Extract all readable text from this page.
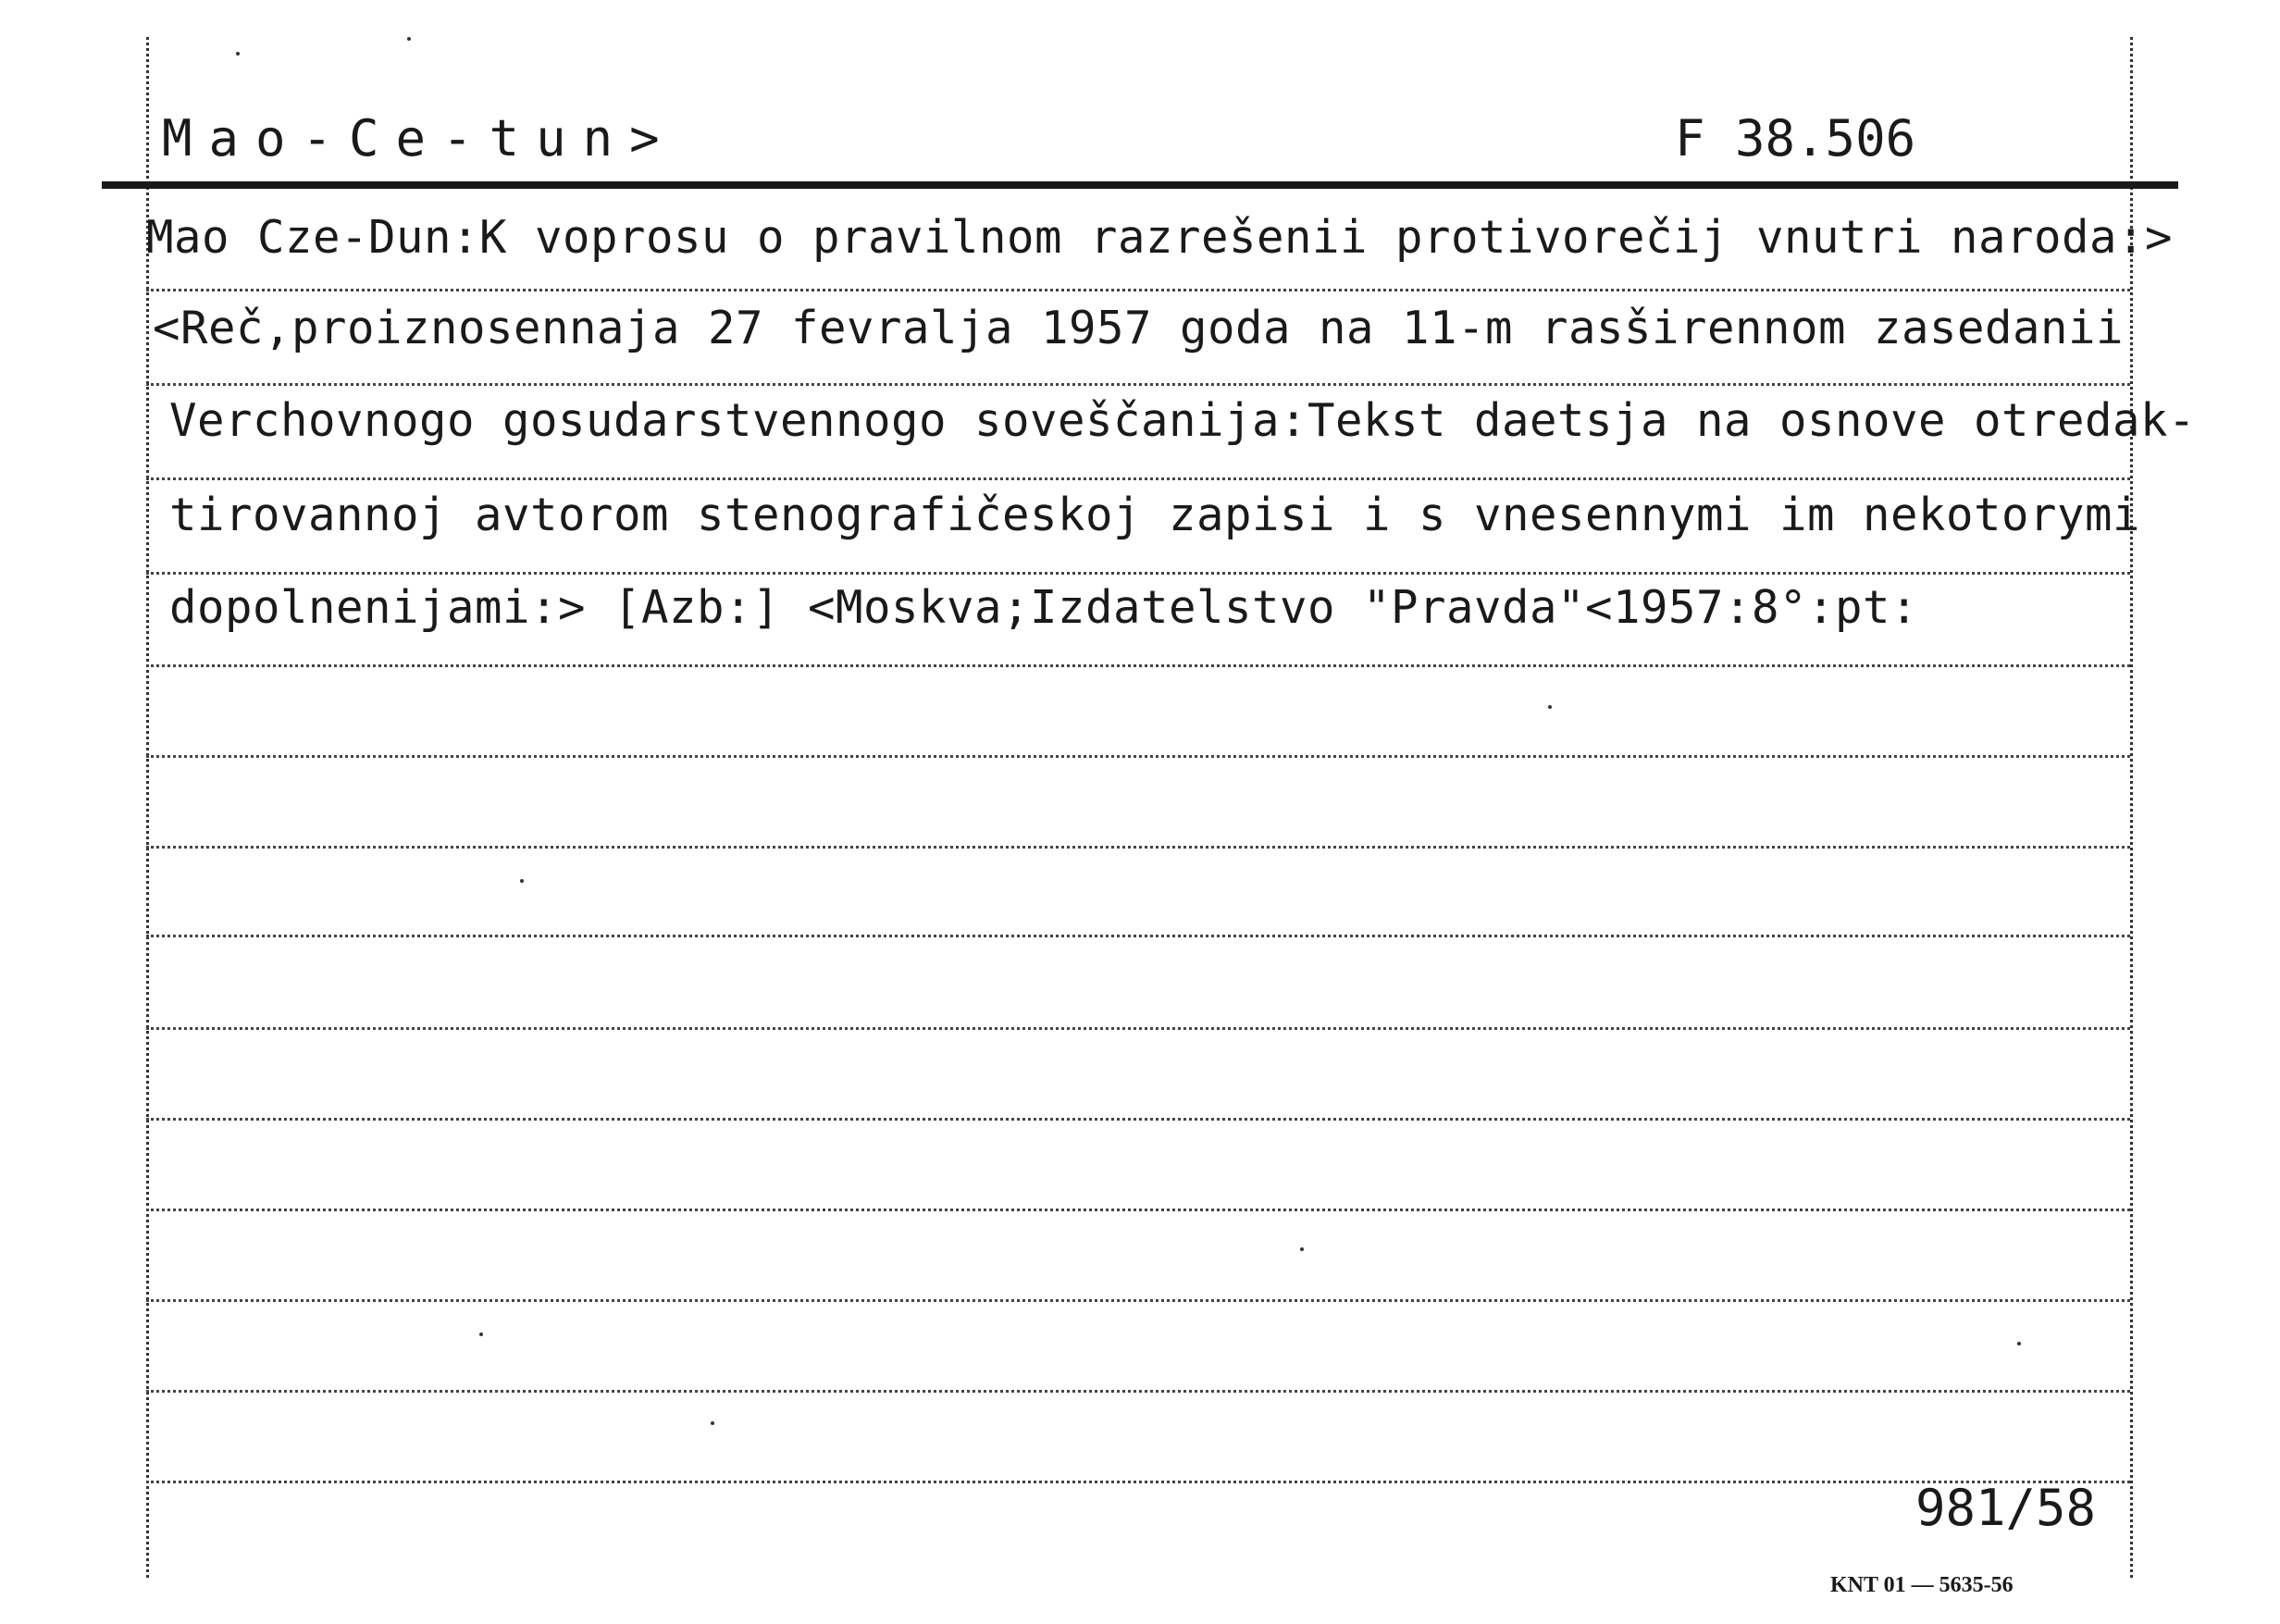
Mao-Ce-tun>	F 38.506
Mao Cze-Dun:K voprosu o pravilnom razrešenii protivorečij vnutri naroda:>
<Reč,proiznosennaja 27 fevralja 1957 goda na 11-m rasširennom zasedanii
Verchovnogo gosudarstvennogo soveščanija:Tekst daetsja na osnove otredak-
tirovannoj avtorom stenografičeskoj zapisi i s vnesennymi im nekotorymi
dopolnenijami:> [Azb:] <Moskva;Izdatelstvo "Pravda"<1957:8°:pt:
981/58
KNT 01 — 5635-56
